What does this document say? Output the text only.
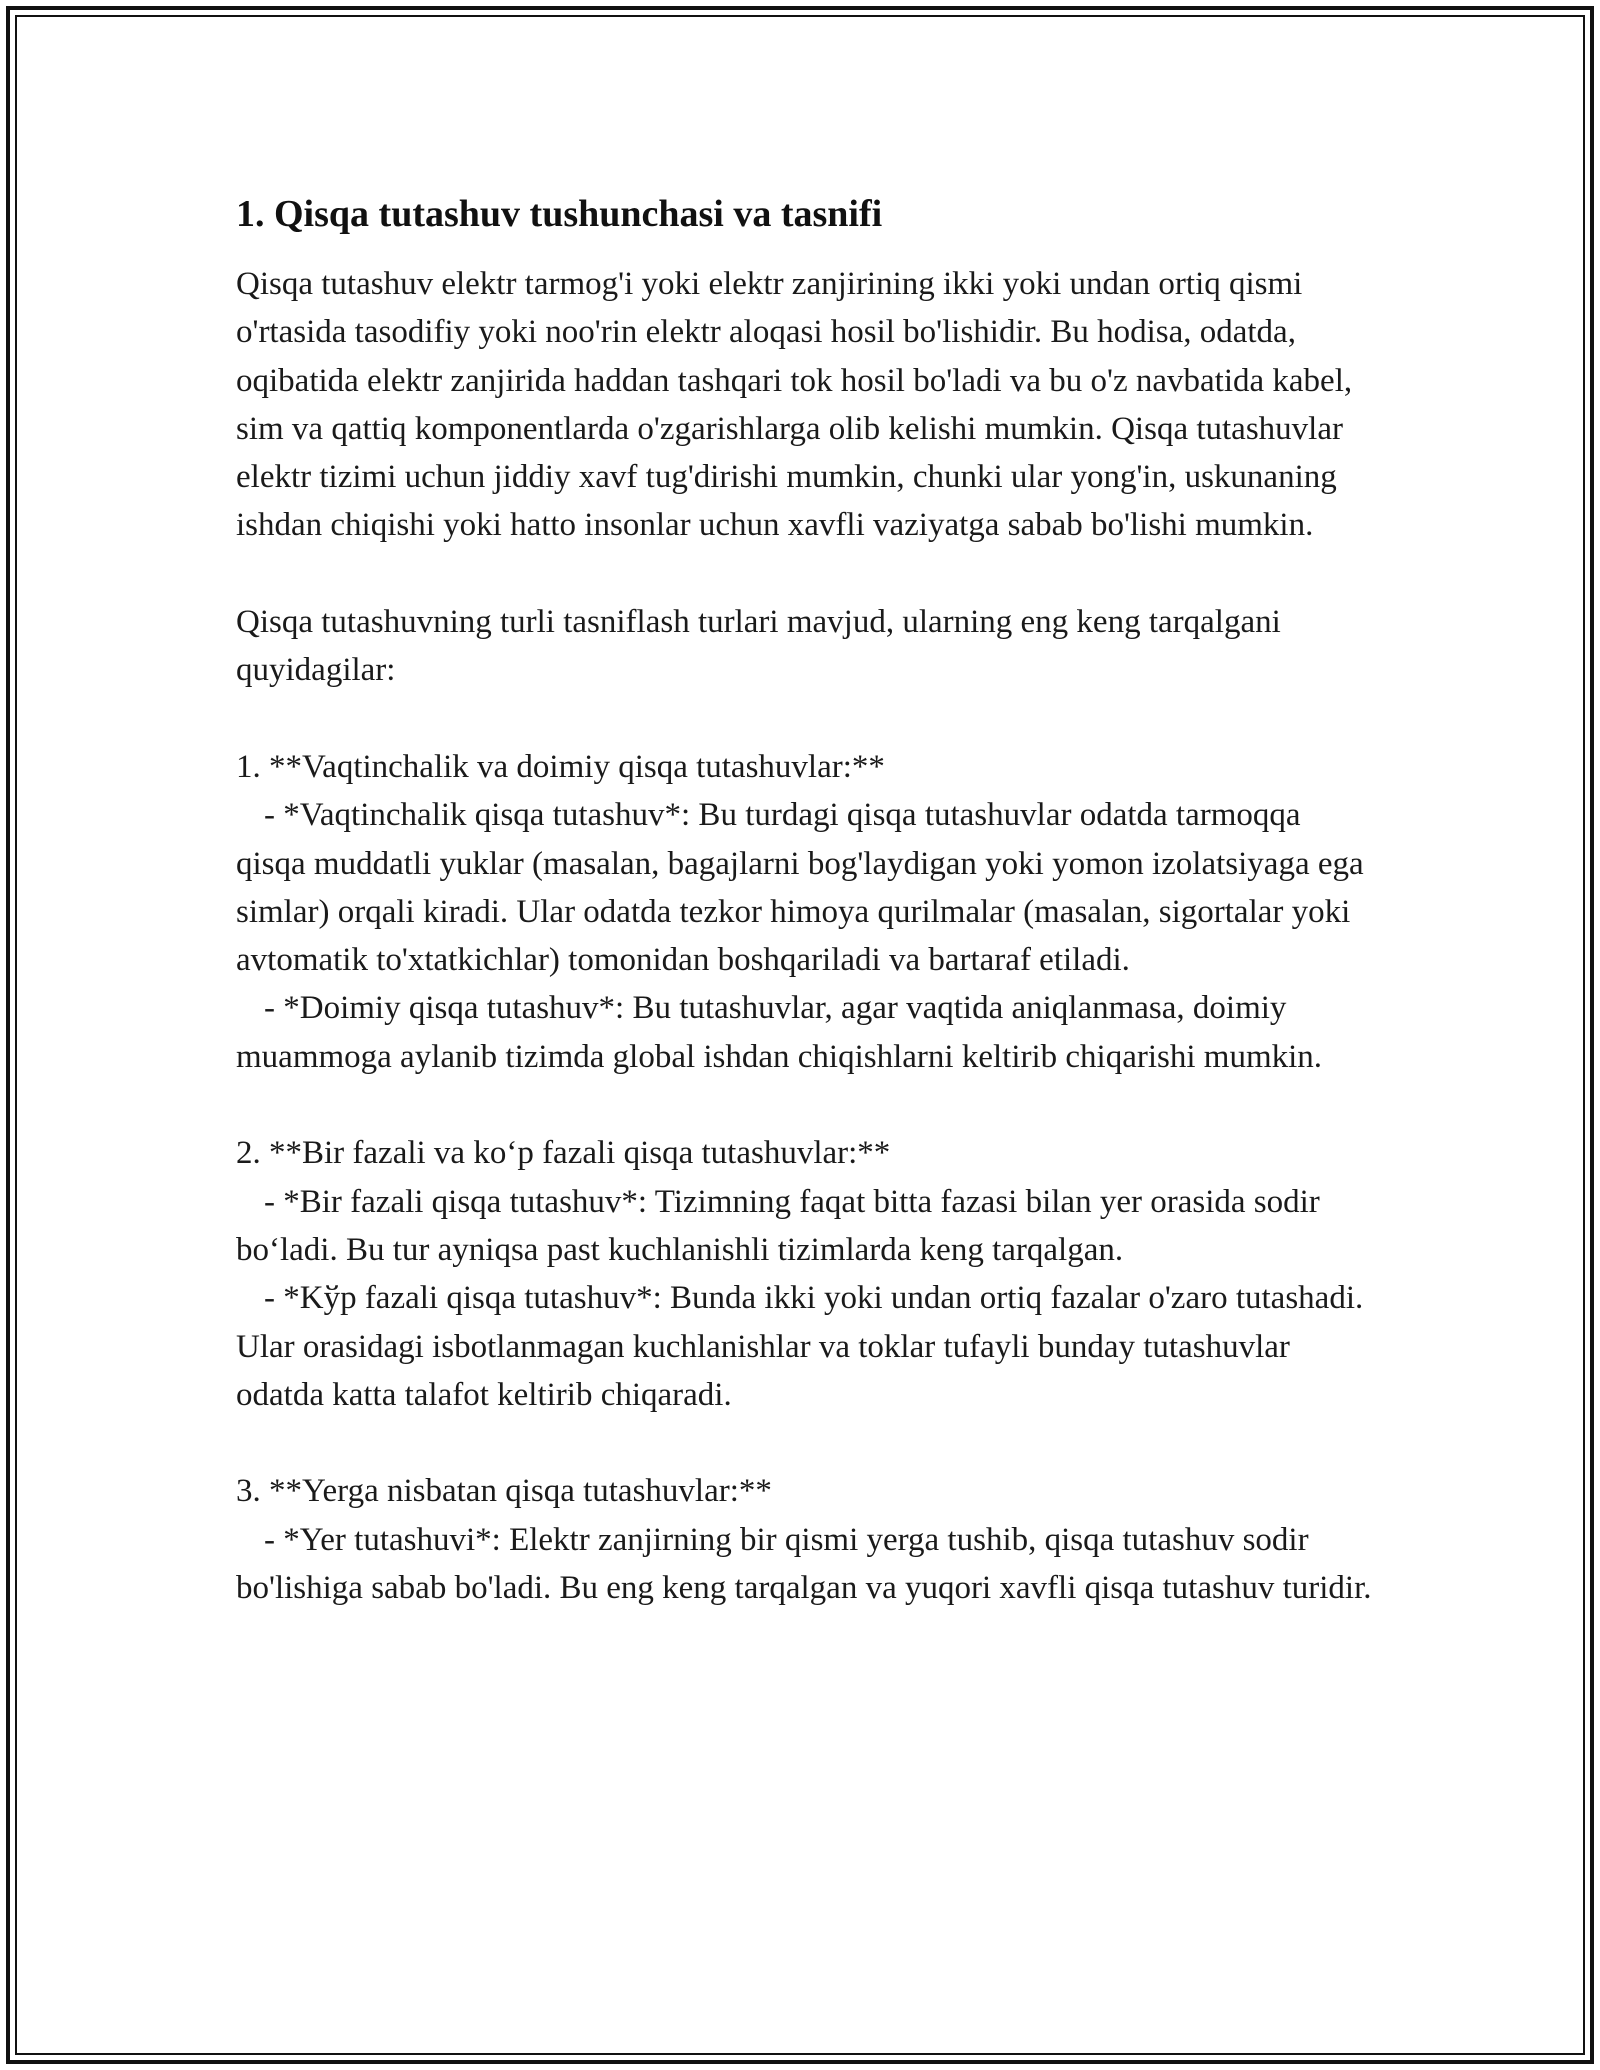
1. Qisqa tutashuv tushunchasi va tasnifi

Qisqa tutashuv elektr tarmog'i yoki elektr zanjirining ikki yoki undan ortiq qismi o'rtasida tasodifiy yoki noo'rin elektr aloqasi hosil bo'lishidir. Bu hodisa, odatda, oqibatida elektr zanjirida haddan tashqari tok hosil bo'ladi va bu o'z navbatida kabel, sim va qattiq komponentlarda o'zgarishlarga olib kelishi mumkin. Qisqa tutashuvlar elektr tizimi uchun jiddiy xavf tug'dirishi mumkin, chunki ular yong'in, uskunaning ishdan chiqishi yoki hatto insonlar uchun xavfli vaziyatga sabab bo'lishi mumkin.

Qisqa tutashuvning turli tasniflash turlari mavjud, ularning eng keng tarqalgani quyidagilar:

1. **Vaqtinchalik va doimiy qisqa tutashuvlar:**

- *Vaqtinchalik qisqa tutashuv*: Bu turdagi qisqa tutashuvlar odatda tarmoqqa qisqa muddatli yuklar (masalan, bagajlarni bog'laydigan yoki yomon izolatsiyaga ega simlar) orqali kiradi. Ular odatda tezkor himoya qurilmalar (masalan, sigortalar yoki avtomatik to'xtatkichlar) tomonidan boshqariladi va bartaraf etiladi.

- *Doimiy qisqa tutashuv*: Bu tutashuvlar, agar vaqtida aniqlanmasa, doimiy muammoga aylanib tizimda global ishdan chiqishlarni keltirib chiqarishi mumkin.

2. **Bir fazali va ko‘p fazali qisqa tutashuvlar:**

- *Bir fazali qisqa tutashuv*: Tizimning faqat bitta fazasi bilan yer orasida sodir bo‘ladi. Bu tur ayniqsa past kuchlanishli tizimlarda keng tarqalgan.

- *Kўp fazali qisqa tutashuv*: Bunda ikki yoki undan ortiq fazalar o'zaro tutashadi. Ular orasidagi isbotlanmagan kuchlanishlar va toklar tufayli bunday tutashuvlar odatda katta talafot keltirib chiqaradi.

3. **Yerga nisbatan qisqa tutashuvlar:**

- *Yer tutashuvi*: Elektr zanjirning bir qismi yerga tushib, qisqa tutashuv sodir bo'lishiga sabab bo'ladi. Bu eng keng tarqalgan va yuqori xavfli qisqa tutashuv turidir.
